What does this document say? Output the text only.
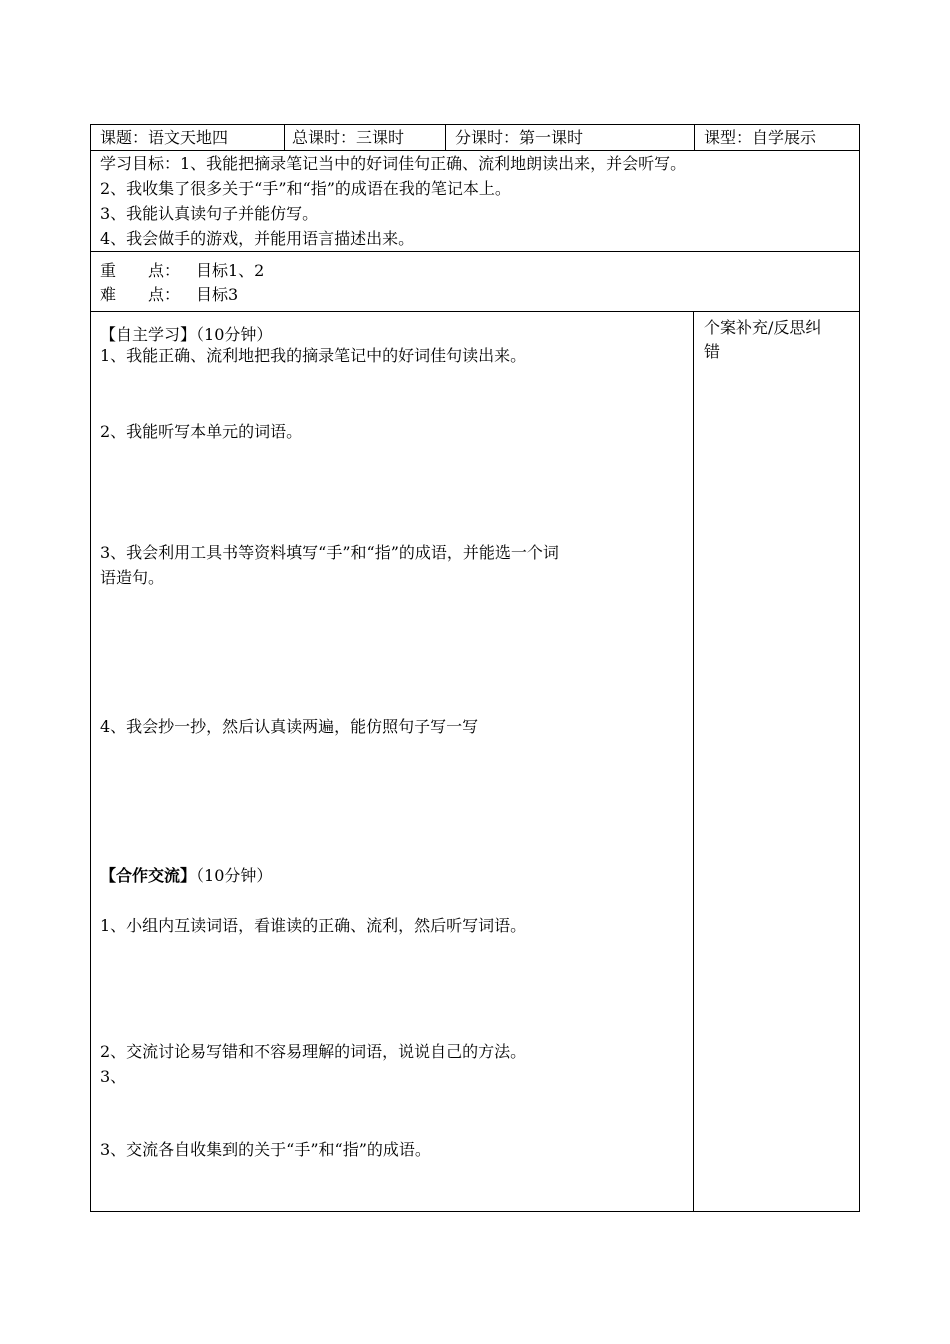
课题：语文天地四	总课时：三课时	分课时：第一课时	课型：自学展示
学习目标：1、我能把摘录笔记当中的好词佳句正确、流利地朗读出来，并会听写。
2、我收集了很多关于“手”和“指”的成语在我的笔记本上。
3、我能认真读句子并能仿写。
4、我会做手的游戏，并能用语言描述出来。
重　　点： 目标1、2
难　　点： 目标3
【自主学习】（10分钟）
1、我能正确、流利地把我的摘录笔记中的好词佳句读出来。
2、我能听写本单元的词语。
3、我会利用工具书等资料填写“手”和“指”的成语，并能选一个词
语造句。
4、我会抄一抄，然后认真读两遍，能仿照句子写一写
【合作交流】（10分钟）
1、小组内互读词语，看谁读的正确、流利，然后听写词语。
2、交流讨论易写错和不容易理解的词语，说说自己的方法。
3、
3、交流各自收集到的关于“手”和“指”的成语。
个案补充/反思纠
错
